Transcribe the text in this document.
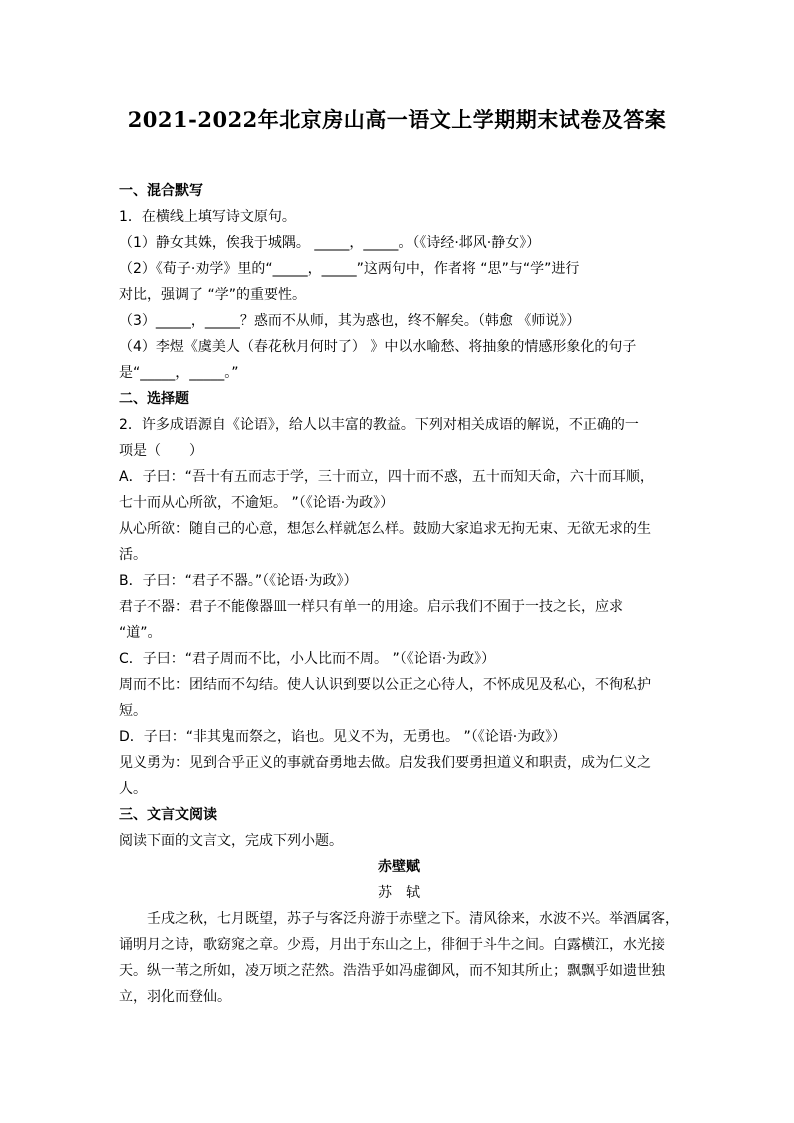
2021-2022年北京房山高一语文上学期期末试卷及答案
一、混合默写
1．在横线上填写诗文原句。
（1）静女其姝，俟我于城隅。 _____，_____。（《诗经·邶风·静女》）
（2）《荀子·劝学》里的“_____，_____”这两句中，作者将 “思”与“学”进行
对比，强调了 “学”的重要性。
（3）_____，_____？惑而不从师，其为惑也，终不解矣。（韩愈 《师说》）
（4）李煜《虞美人（春花秋月何时了） 》中以水喻愁、将抽象的情感形象化的句子
是“_____，_____。”
二、选择题
2．许多成语源自《论语》，给人以丰富的教益。下列对相关成语的解说，不正确的一
项是（　　）
A．子曰：“吾十有五而志于学，三十而立，四十而不惑，五十而知天命，六十而耳顺，
七十而从心所欲，不逾矩。 ”（《论语·为政》）
从心所欲：随自己的心意，想怎么样就怎么样。鼓励大家追求无拘无束、无欲无求的生
活。
B．子曰：“君子不器。”（《论语·为政》）
君子不器：君子不能像器皿一样只有单一的用途。启示我们不囿于一技之长，应求
“道”。
C．子曰：“君子周而不比，小人比而不周。 ”（《论语·为政》）
周而不比：团结而不勾结。使人认识到要以公正之心待人，不怀成见及私心，不徇私护
短。
D．子曰：“非其鬼而祭之，谄也。见义不为，无勇也。 ”（《论语·为政》）
见义勇为：见到合乎正义的事就奋勇地去做。启发我们要勇担道义和职责，成为仁义之
人。
三、文言文阅读
阅读下面的文言文，完成下列小题。
赤壁赋
苏　轼
壬戌之秋，七月既望，苏子与客泛舟游于赤壁之下。清风徐来，水波不兴。举酒属客，诵明月之诗，歌窈窕之章。少焉，月出于东山之上，徘徊于斗牛之间。白露横江，水光接天。纵一苇之所如，凌万顷之茫然。浩浩乎如冯虚御风，而不知其所止；飘飘乎如遗世独立，羽化而登仙。
